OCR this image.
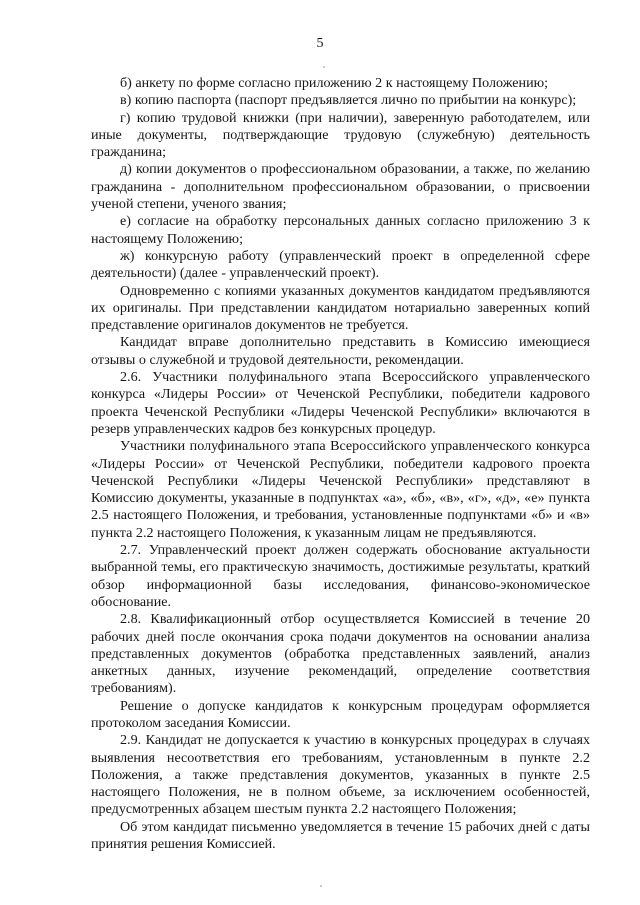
5

б) анкету по форме согласно приложению 2 к настоящему Положению;

в) копию паспорта (паспорт предъявляется лично по прибытии на конкурс);

г) копию трудовой книжки (при наличии), заверенную работодателем, или иные документы, подтверждающие трудовую (служебную) деятельность гражданина;

д) копии документов о профессиональном образовании, а также, по желанию гражданина - дополнительном профессиональном образовании, о присвоении ученой степени, ученого звания;

е) согласие на обработку персональных данных согласно приложению 3 к настоящему Положению;

ж) конкурсную работу (управленческий проект в определенной сфере деятельности) (далее - управленческий проект).

Одновременно с копиями указанных документов кандидатом предъявляются их оригиналы. При представлении кандидатом нотариально заверенных копий представление оригиналов документов не требуется.

Кандидат вправе дополнительно представить в Комиссию имеющиеся отзывы о служебной и трудовой деятельности, рекомендации.

2.6. Участники полуфинального этапа Всероссийского управленческого конкурса «Лидеры России» от Чеченской Республики, победители кадрового проекта Чеченской Республики «Лидеры Чеченской Республики» включаются в резерв управленческих кадров без конкурсных процедур.

Участники полуфинального этапа Всероссийского управленческого конкурса «Лидеры России» от Чеченской Республики, победители кадрового проекта Чеченской Республики «Лидеры Чеченской Республики» представляют в Комиссию документы, указанные в подпунктах «а», «б», «в», «г», «д», «е» пункта 2.5 настоящего Положения, и требования, установленные подпунктами «б» и «в» пункта 2.2 настоящего Положения, к указанным лицам не предъявляются.

2.7. Управленческий проект должен содержать обоснование актуальности выбранной темы, его практическую значимость, достижимые результаты, краткий обзор информационной базы исследования, финансово-экономическое обоснование.

2.8. Квалификационный отбор осуществляется Комиссией в течение 20 рабочих дней после окончания срока подачи документов на основании анализа представленных документов (обработка представленных заявлений, анализ анкетных данных, изучение рекомендаций, определение соответствия требованиям).

Решение о допуске кандидатов к конкурсным процедурам оформляется протоколом заседания Комиссии.

2.9. Кандидат не допускается к участию в конкурсных процедурах в случаях выявления несоответствия его требованиям, установленным в пункте 2.2 Положения, а также представления документов, указанных в пункте 2.5 настоящего Положения, не в полном объеме, за исключением особенностей, предусмотренных абзацем шестым пункта 2.2 настоящего Положения;

Об этом кандидат письменно уведомляется в течение 15 рабочих дней с даты принятия решения Комиссией.
